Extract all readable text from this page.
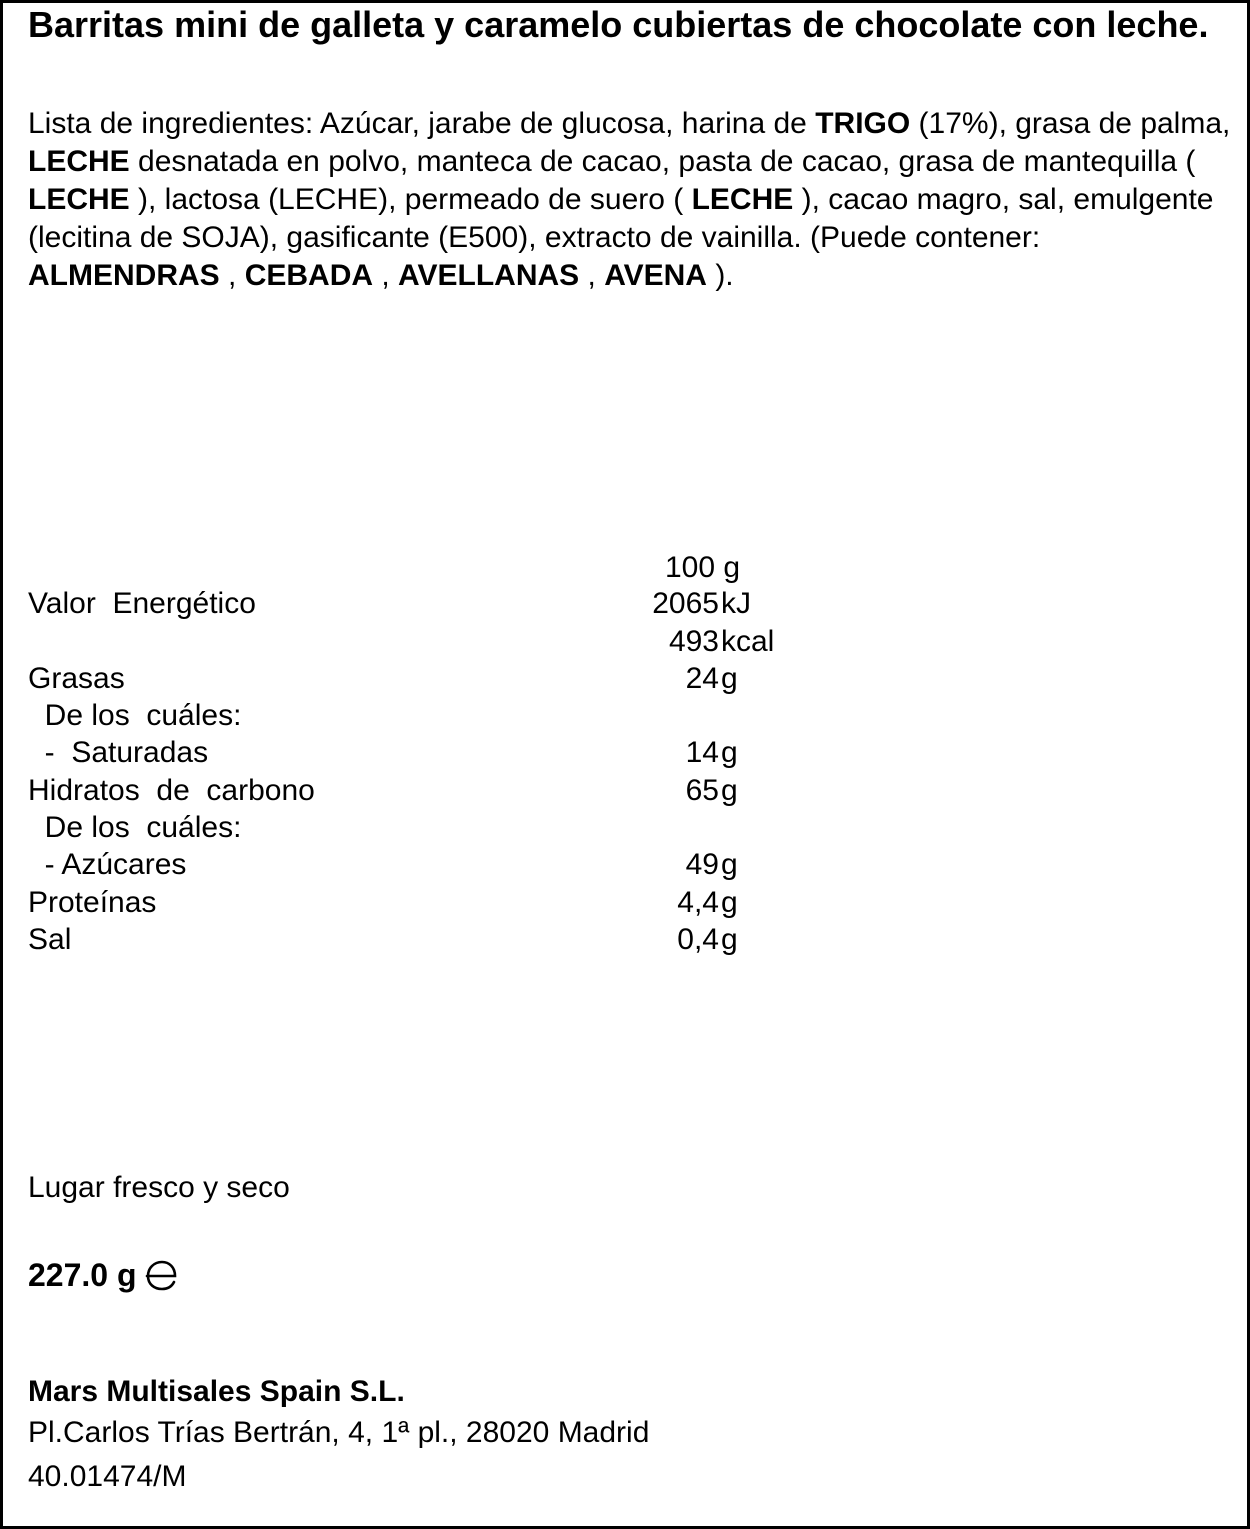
Barritas mini de galleta y caramelo cubiertas de chocolate con leche.

Lista de ingredientes: Azúcar, jarabe de glucosa, harina de TRIGO (17%), grasa de palma, LECHE desnatada en polvo, manteca de cacao, pasta de cacao, grasa de mantequilla ( LECHE ), lactosa (LECHE), permeado de suero ( LECHE ), cacao magro, sal, emulgente (lecitina de SOJA), gasificante (E500), extracto de vainilla. (Puede contener: ALMENDRAS , CEBADA , AVELLANAS , AVENA ).

100 g
Valor  Energético	2065 kJ
493 kcal
Grasas	24 g
De los  cuáles:
-  Saturadas	14 g
Hidratos  de  carbono	65 g
De los  cuáles:
- Azúcares	49 g
Proteínas	4,4 g
Sal	0,4 g
Lugar fresco y seco
227.0 g
Mars Multisales Spain S.L.
Pl.Carlos Trías Bertrán, 4, 1ª pl., 28020 Madrid
40.01474/M
